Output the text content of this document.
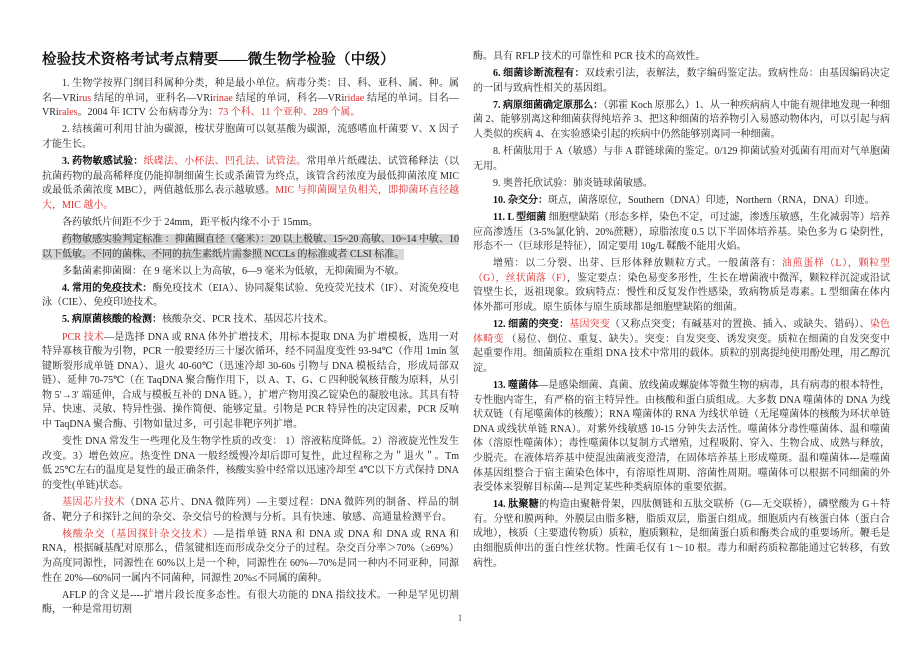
检验技术资格考试考点精要——微生物学检验（中级）

1. 生物学按界门纲目科属种分类，种是最小单位。病毒分类：目、科、亚科、属、种。属名—VRirus 结尾的单词，亚科名—VRirinae 结尾的单词，科名—VRiridae 结尾的单词。目名—VRirales。2004 年 ICTV 公布病毒分为：73 个科、11 个亚种、289 个属。

2. 结核菌可利用甘油为碳源，梭状芽胞菌可以氨基酸为碳源，流感嗜血杆菌要 V、X 因子才能生长。

3. 药物敏感试验：纸碟法、小杯法、凹孔法、试管法。常用单片纸碟法、试管稀释法（以抗菌药物的最高稀释度仍能抑制细菌生长或杀菌管为终点，该管含药浓度为最低抑菌浓度 MIC 或最低杀菌浓度 MBC），两值越低那么表示越敏感。MIC 与抑菌圈呈负相关，即抑菌环直径越大，MIC 越小。

各药敏纸片间距不少于 24mm，距平板内缘不小于 15mm。

药物敏感实验判定标准 ：抑菌圈直径（毫米）：20 以上极敏、15~20 高敏、10~14 中敏、10 以下低敏。不同的菌株、不同的抗生素纸片需参照 NCCLs 的标准或者 CLSI 标准。

多黏菌素抑菌圈：在 9 毫米以上为高敏，6—9 毫米为低敏，无抑菌圈为不敏。

4. 常用的免疫技术：酶免疫技术（EIA）、协同凝集试验、免疫荧光技术（IF）、对流免疫电泳（CIE）、免疫印迹技术。

5. 病原菌核酸的检测：核酸杂交、PCR 技术、基因芯片技术。

PCR 技术—是选择 DNA 或 RNA 体外扩增技术，用标本提取 DNA 为扩增模板，选用一对特异寡核苷酸为引物，PCR 一般要经历三十屡次循环，经不同温度变性 93-94℃（作用 1min 氢键断裂形成单链 DNA）、退火 40-60℃（迅速冷却 30-60s 引物与 DNA 模板结合，形成局部双链）、延伸 70-75℃（在 TaqDNA 聚合酶作用下，以 A、T、G、C 四种脱氧核苷酸为原料，从引物 5′→3′ 端延伸，合成与模板互补的 DNA 链。），扩增产物用溴乙锭染色的凝胶电泳。其具有特异、快速、灵敏、特异性强、操作简便、能够定量。引物是 PCR 特异性的决定因素，PCR 反响中 TaqDNA 聚合酶、引物如量过多，可引起非靶序列扩增。

变性 DNA 常发生一些理化及生物学性质的改变： 1）溶液粘度降低。2）溶液旋光性发生改变。3）增色效应。热变性 DNA 一般经缓慢冷却后即可复性，此过程称之为＂退火＂。Tm 低 25℃左右的温度是复性的最正确条件，核酸实验中经常以迅速冷却至 4℃以下方式保持 DNA 的变性(单链)状态。

基因芯片技术（DNA 芯片、DNA 微阵列）—主要过程：DNA 微阵列的制备、样品的制备、靶分子和探针之间的杂交、杂交信号的检测与分析。具有快速、敏感、高通量检测平台。

核酸杂交（基因探针杂交技术）—是指单链 RNA 和 DNA 或 DNA 和 DNA 或 RNA 和 RNA，根据碱基配对原那么，借氢键相连而形成杂交分子的过程。杂交百分率＞70%（≥69%）为高度同源性，同源性在 60%以上是一个种，同源性在 60%—70%是同一种内不同亚种，同源性在 20%—60%同一属内不同菌种，同源性 20%≤不同属的菌种。

AFLP 的含义是----扩增片段长度多态性。有很大功能的 DNA 指纹技术。一种是罕见切割酶，一种是常用切割

酶。具有 RFLP 技术的可靠性和 PCR 技术的高效性。

6. 细菌诊断流程有：双歧索引法，表解法，数字编码鉴定法。致病性岛：由基因编码决定的一团与致病性相关的基因组。

7. 病原细菌确定原那么：（郭霍 Koch 原那么）1、从一种疾病病人中能有规律地发现一种细菌 2、能够别离这种细菌获得纯培养 3、把这种细菌的培养物引入易感动物体内，可以引起与病人类似的疾病 4、在实验感染引起的疾病中仍然能够别离同一种细菌。

8. 杆菌肽用于 A（敏感）与非 A 群链球菌的鉴定。0/129 抑菌试验对弧菌有用而对气单胞菌无用。

9. 奥普托欣试验：肺炎链球菌敏感。

10. 杂交分：斑点，菌落原位，Southern（DNA）印迹，Northern（RNA，DNA）印迹。

11. L 型细菌 细胞壁缺陷（形态多样，染色不定，可过滤，渗透压敏感，生化减弱等）培养应高渗透压（3-5%氯化钠、20%蔗糖），琼脂浓度 0.5 以下半固体培养基。染色多为 G 染阴性，形态不一（巨球形是特征），固定要用 10g/L 鞣酸不能用火焰。

增殖：以二分裂、出芽、巨形体释放颗粒方式。一般菌落有：油煎蛋样（L），颗粒型（G），丝状菌落（F），鉴定要点：染色易变多形性，生长在增菌液中微浑，颗粒样沉淀或沿试管壁生长，返祖现象。致病特点：慢性和反复发作性感染，致病物质是毒素。L 型细菌在体内体外都可形成。原生质体与原生质球都是细胞壁缺陷的细菌。

12. 细菌的突变：基因突变（又称点突变；有碱基对的置换、插入、或缺失、错码）、染色体畸变 （易位、倒位、重复、缺失）。突变：自发突变、诱发突变。质粒在细菌的自发突变中起重要作用。细菌质粒在重组 DNA 技术中常用的载体。质粒的别离提纯使用酚处理，用乙醇沉淀。

13. 噬菌体—是感染细菌、真菌、放线菌或螺旋体等微生物的病毒，具有病毒的根本特性，专性胞内寄生，有严格的宿主特异性。由核酸和蛋白质组成。大多数 DNA 噬菌体的 DNA 为线状双链（有尾噬菌体的核酸）；RNA 噬菌体的 RNA 为线状单链（无尾噬菌体的核酸为环状单链 DNA 或线状单链 RNA）。对紫外线敏感 10-15 分钟失去活性。噬菌体分毒性噬菌体、温和噬菌体（溶原性噬菌体）；毒性噬菌体以复制方式增殖，过程吸附、穿入、生物合成、成熟与释放，少脱壳。在液体培养基中使混浊菌液变澄清，在固体培养基上形成噬斑。温和噬菌体---是噬菌体基因组整合于宿主菌染色体中，有溶原性周期、溶菌性周期。噬菌体可以根据不同细菌的外表受体来裂解目标菌---是判定某些种类病原体的重要依据。

14. 肽聚糖的构造由聚糖骨架，四肽侧链和五肽交联桥（G—无交联桥），磷壁酸为 G＋特有。分壁和膜两种。外膜层由脂多糖，脂质双层，脂蛋白组成。细胞质内有核蛋白体（蛋白合成地），核质（主要遗传物质）质粒，胞质颗粒，是细菌蛋白质和酶类合成的重要场所。鞭毛是由细胞质伸出的蛋白性丝状物。性菌毛仅有 1～10 根。毒力和耐药质粒都能通过它转移，有致病性。

1
